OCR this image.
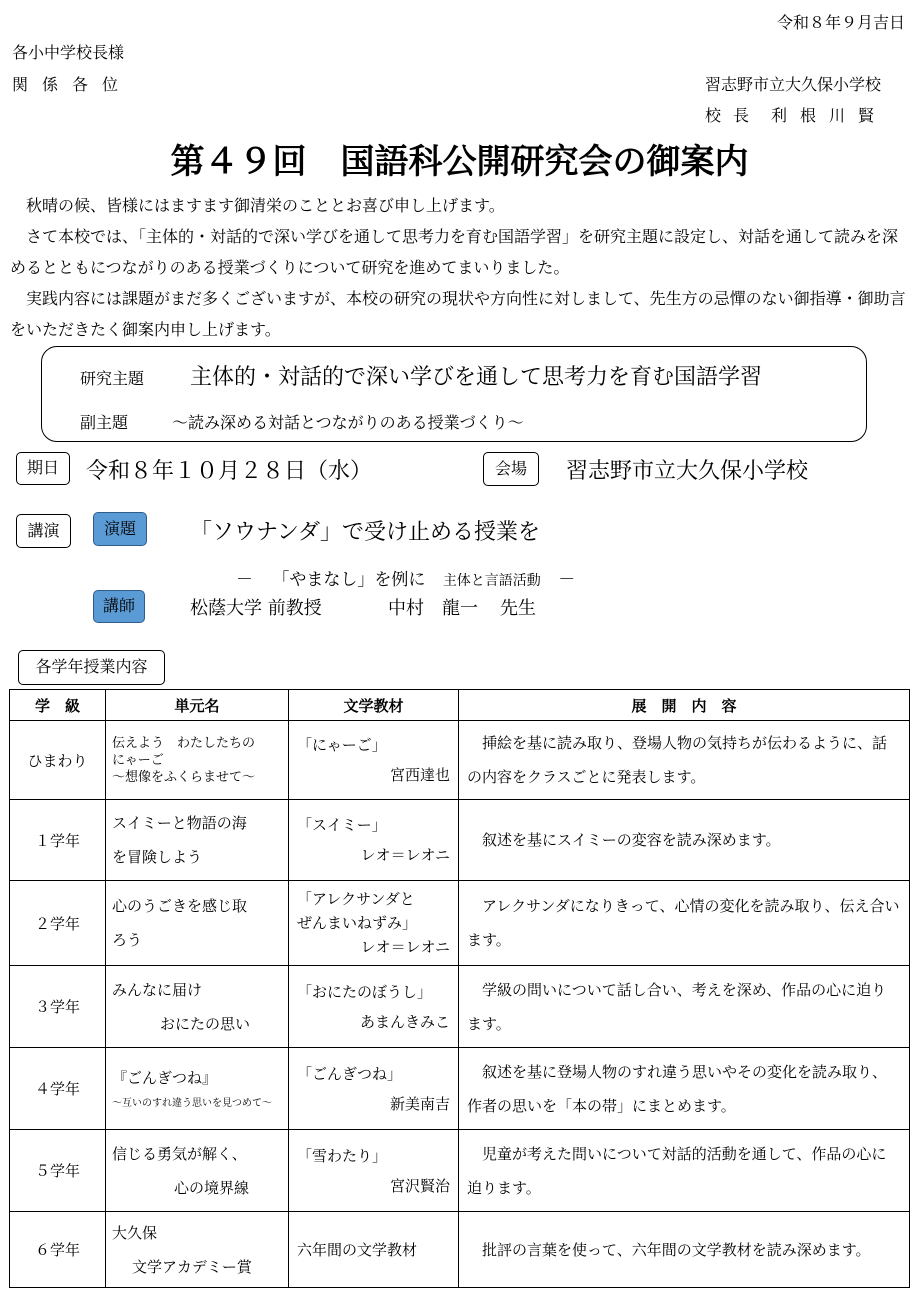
令和８年９月吉日
各小中学校長様
関係各位	習志野市立大久保小学校
校長 利根川賢
第４９回　国語科公開研究会の御案内

秋晴の候、皆様にはますます御清栄のこととお喜び申し上げます。

さて本校では、「主体的・対話的で深い学びを通して思考力を育む国語学習」を研究主題に設定し、対話を通して読みを深めるとともにつながりのある授業づくりについて研究を進めてまいりました。

実践内容には課題がまだ多くございますが、本校の研究の現状や方向性に対しまして、先生方の忌憚のない御指導・御助言をいただきたく御案内申し上げます。

研究主題 主体的・対話的で深い学びを通して思考力を育む国語学習
副主題	～読み深める対話とつながりのある授業づくり～
期日	令和８年１０月２８日（水）	会場	習志野市立大久保小学校
講演	演題	「ソウナンダ」で受け止める授業を
－ 「やまなし」を例に 主体と言語活動 －
講師	松蔭大学 前教授	中村　龍一 先生
各学年授業内容
学　級	単元名	文学教材	展　開　内　容
ひまわり	伝えよう　わたしたちの
にゃーご
～想像をふくらませて～	「にゃーご」
宮西達也	挿絵を基に読み取り、登場人物の気持ちが伝わるように、話の内容をクラスごとに発表します。

１学年	スイミーと物語の海
を冒険しよう	「スイミー」
レオ＝レオニ	叙述を基にスイミーの変容を読み深めます。

２学年	心のうごきを感じ取
ろう	「アレクサンダと
ぜんまいねずみ」
レオ＝レオニ	アレクサンダになりきって、心情の変化を読み取り、伝え合います。

３学年	みんなに届け
おにたの思い	「おにたのぼうし」
あまんきみこ	学級の問いについて話し合い、考えを深め、作品の心に迫ります。

４学年	『ごんぎつね』
～互いのすれ違う思いを見つめて～	「ごんぎつね」
新美南吉	叙述を基に登場人物のすれ違う思いやその変化を読み取り、作者の思いを「本の帯」にまとめます。

５学年	信じる勇気が解く、
心の境界線	「雪わたり」
宮沢賢治	児童が考えた問いについて対話的活動を通して、作品の心に迫ります。

６学年	大久保
文学アカデミー賞	六年間の文学教材	批評の言葉を使って、六年間の文学教材を読み深めます。
